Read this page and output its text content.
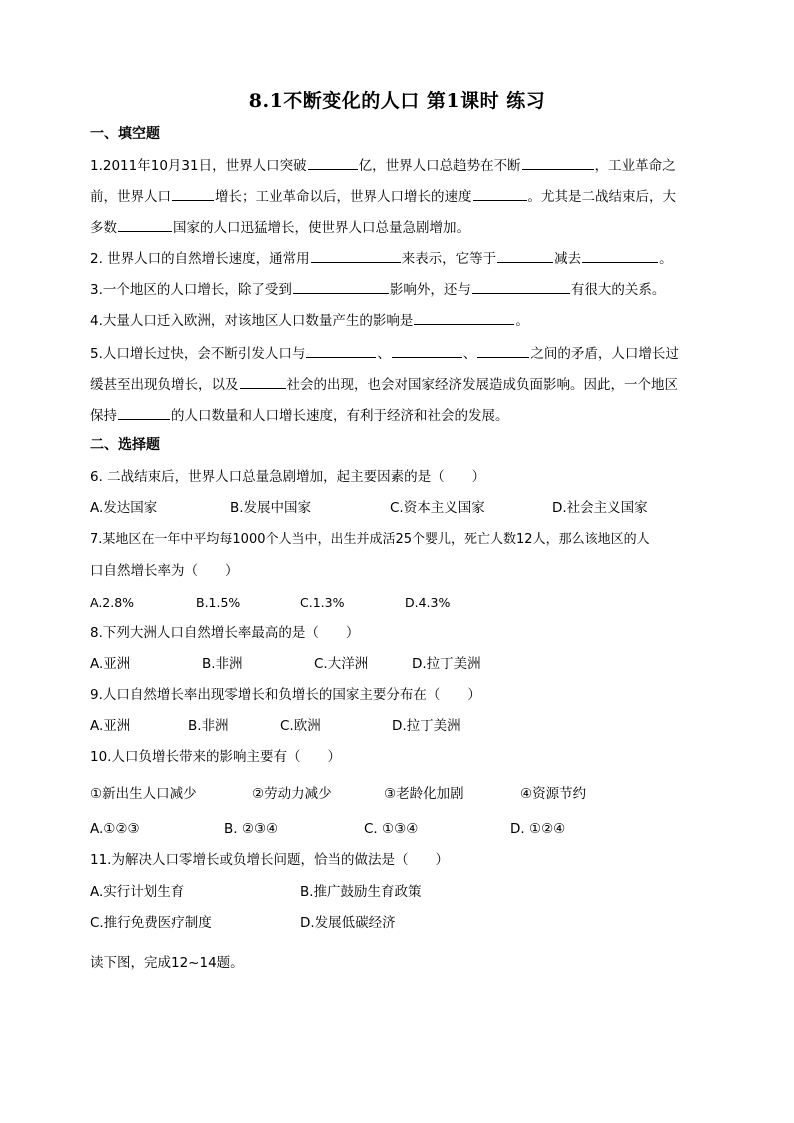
8.1不断变化的人口 第1课时 练习
一、填空题
1.2011年10月31日，世界人口突破	亿，世界人口总趋势在不断	，工业革命之
前，世界人口	增长；工业革命以后，世界人口增长的速度	。尤其是二战结束后，大
多数	国家的人口迅猛增长，使世界人口总量急剧增加。
2. 世界人口的自然增长速度，通常用	来表示，它等于	减去	。
3.一个地区的人口增长，除了受到	影响外，还与	有很大的关系。
4.大量人口迁入欧洲，对该地区人口数量产生的影响是	。
5.人口增长过快，会不断引发人口与	、	、	之间的矛盾，人口增长过
缓甚至出现负增长，以及	社会的出现，也会对国家经济发展造成负面影响。因此，一个地区
保持	的人口数量和人口增长速度，有利于经济和社会的发展。
二、选择题
6. 二战结束后，世界人口总量急剧增加，起主要因素的是（　　）
A.发达国家	B.发展中国家	C.资本主义国家	D.社会主义国家
7.某地区在一年中平均每1000个人当中，出生并成活25个婴儿，死亡人数12人，那么该地区的人
口自然增长率为（　　）
A.2.8%	B.1.5%	C.1.3%	D.4.3%
8.下列大洲人口自然增长率最高的是（　　）
A.亚洲	B.非洲	C.大洋洲	D.拉丁美洲
9.人口自然增长率出现零增长和负增长的国家主要分布在（　　）
A.亚洲	B.非洲	C.欧洲	D.拉丁美洲
10.人口负增长带来的影响主要有（　　）
①新出生人口减少	②劳动力减少	③老龄化加剧	④资源节约
A.①②③	B. ②③④	C. ①③④	D. ①②④
11.为解决人口零增长或负增长问题，恰当的做法是（　　）
A.实行计划生育	B.推广鼓励生育政策
C.推行免费医疗制度	D.发展低碳经济
读下图，完成12~14题。
